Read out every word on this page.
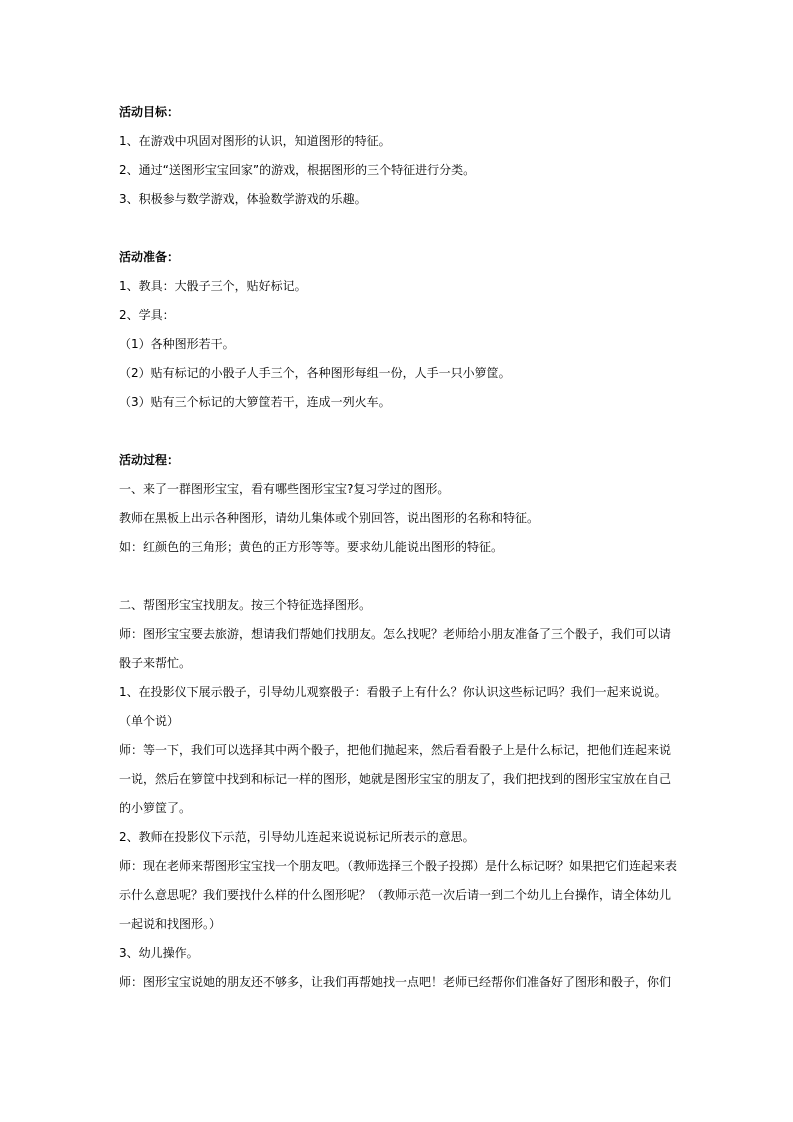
活动目标：
1、在游戏中巩固对图形的认识，知道图形的特征。
2、通过“送图形宝宝回家”的游戏，根据图形的三个特征进行分类。
3、积极参与数学游戏，体验数学游戏的乐趣。
活动准备：
1、教具：大骰子三个，贴好标记。
2、学具：
（1）各种图形若干。
（2）贴有标记的小骰子人手三个，各种图形每组一份，人手一只小箩筐。
（3）贴有三个标记的大箩筐若干，连成一列火车。
活动过程：
一、来了一群图形宝宝，看有哪些图形宝宝?复习学过的图形。
教师在黑板上出示各种图形，请幼儿集体或个别回答，说出图形的名称和特征。
如：红颜色的三角形；黄色的正方形等等。要求幼儿能说出图形的特征。
二、帮图形宝宝找朋友。按三个特征选择图形。
师：图形宝宝要去旅游，想请我们帮她们找朋友。怎么找呢？老师给小朋友准备了三个骰子，我们可以请骰子来帮忙。
1、在投影仪下展示骰子，引导幼儿观察骰子：看骰子上有什么？你认识这些标记吗？我们一起来说说。（单个说）
师：等一下，我们可以选择其中两个骰子，把他们抛起来，然后看看骰子上是什么标记，把他们连起来说一说，然后在箩筐中找到和标记一样的图形，她就是图形宝宝的朋友了，我们把找到的图形宝宝放在自己的小箩筐了。
2、教师在投影仪下示范，引导幼儿连起来说说标记所表示的意思。
师：现在老师来帮图形宝宝找一个朋友吧。（教师选择三个骰子投掷）是什么标记呀？如果把它们连起来表示什么意思呢？我们要找什么样的什么图形呢？（教师示范一次后请一到二个幼儿上台操作，请全体幼儿一起说和找图形。）
3、幼儿操作。
师：图形宝宝说她的朋友还不够多，让我们再帮她找一点吧！老师已经帮你们准备好了图形和骰子，你们
